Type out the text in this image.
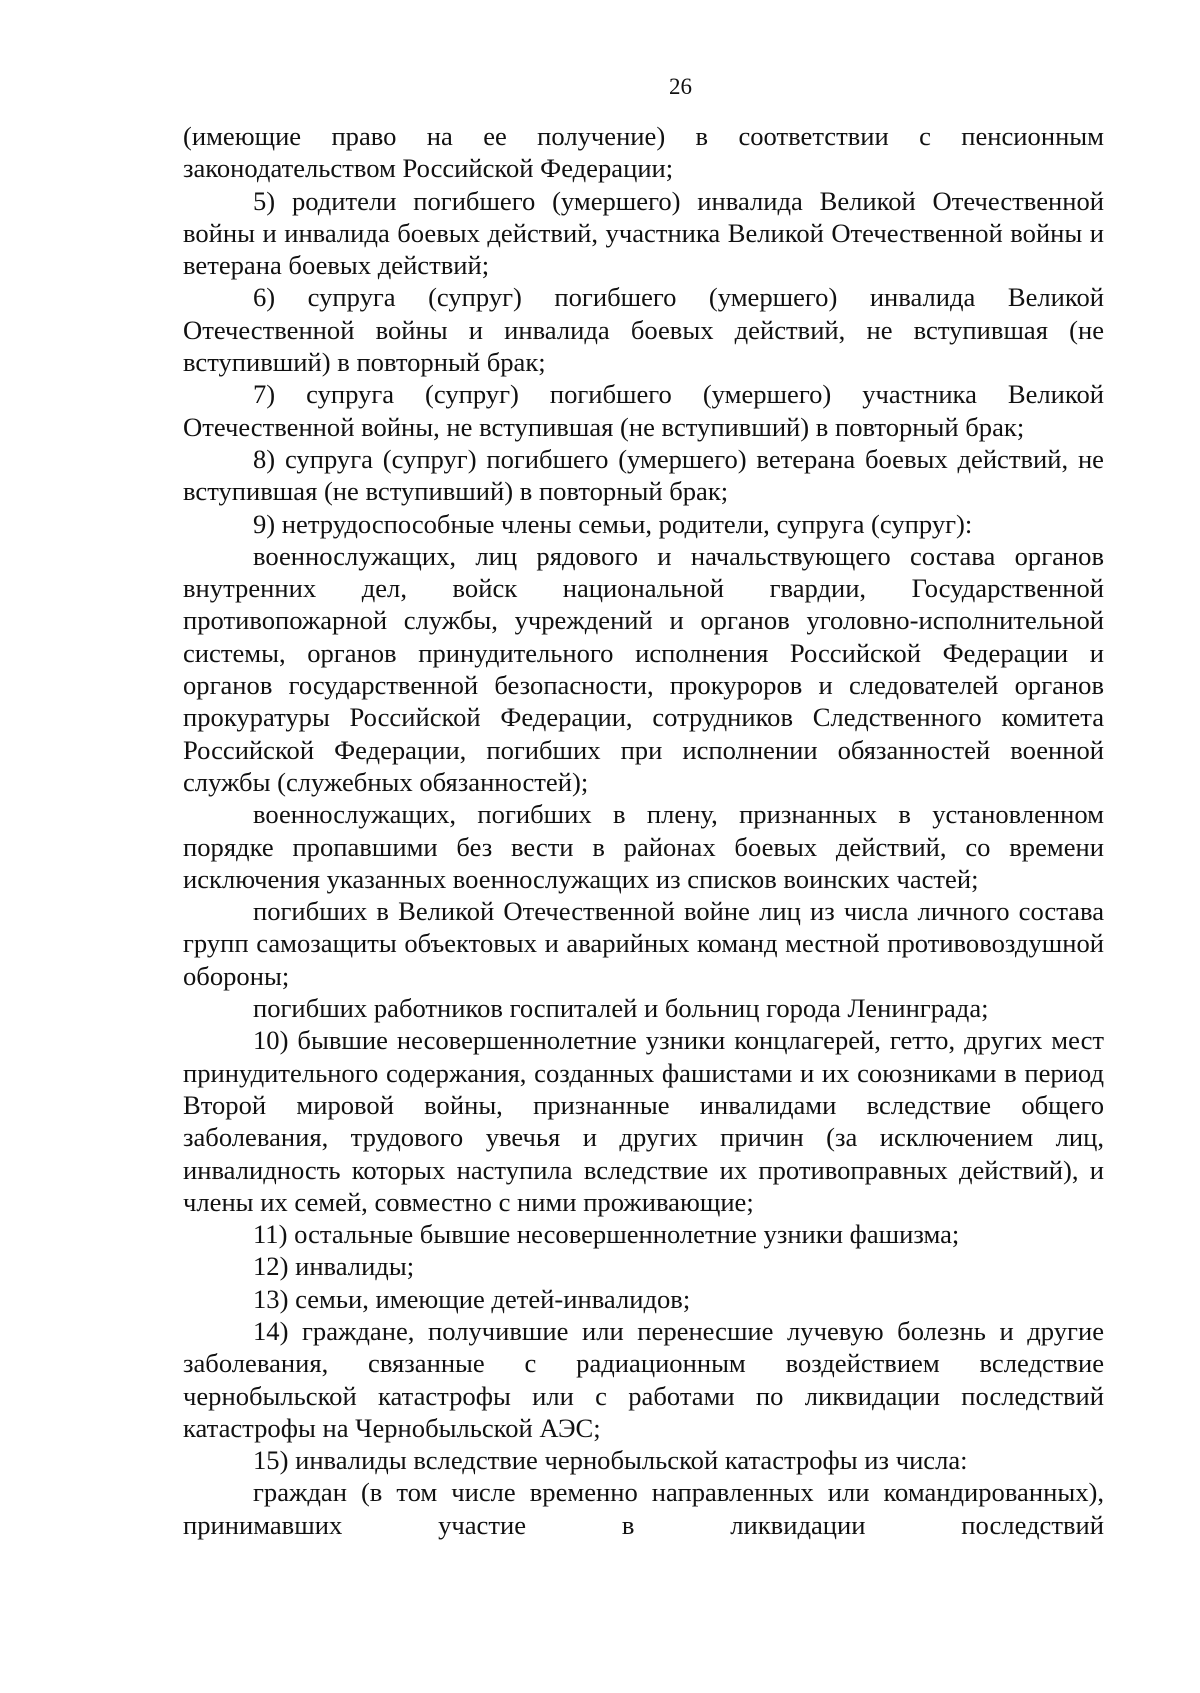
26

(имеющие право на ее получение) в соответствии с пенсионным законодательством Российской Федерации;

5) родители погибшего (умершего) инвалида Великой Отечественной войны и инвалида боевых действий, участника Великой Отечественной войны и ветерана боевых действий;

6) супруга (супруг) погибшего (умершего) инвалида Великой Отечественной войны и инвалида боевых действий, не вступившая (не вступивший) в повторный брак;

7) супруга (супруг) погибшего (умершего) участника Великой Отечественной войны, не вступившая (не вступивший) в повторный брак;

8) супруга (супруг) погибшего (умершего) ветерана боевых действий, не вступившая (не вступивший) в повторный брак;

9) нетрудоспособные члены семьи, родители, супруга (супруг):

военнослужащих, лиц рядового и начальствующего состава органов внутренних дел, войск национальной гвардии, Государственной противопожарной службы, учреждений и органов уголовно-исполнительной системы, органов принудительного исполнения Российской Федерации и органов государственной безопасности, прокуроров и следователей органов прокуратуры Российской Федерации, сотрудников Следственного комитета Российской Федерации, погибших при исполнении обязанностей военной службы (служебных обязанностей);

военнослужащих, погибших в плену, признанных в установленном порядке пропавшими без вести в районах боевых действий, со времени исключения указанных военнослужащих из списков воинских частей;

погибших в Великой Отечественной войне лиц из числа личного состава групп самозащиты объектовых и аварийных команд местной противовоздушной обороны;

погибших работников госпиталей и больниц города Ленинграда;

10) бывшие несовершеннолетние узники концлагерей, гетто, других мест принудительного содержания, созданных фашистами и их союзниками в период Второй мировой войны, признанные инвалидами вследствие общего заболевания, трудового увечья и других причин (за исключением лиц, инвалидность которых наступила вследствие их противоправных действий), и члены их семей, совместно с ними проживающие;

11) остальные бывшие несовершеннолетние узники фашизма;

12) инвалиды;

13) семьи, имеющие детей-инвалидов;

14) граждане, получившие или перенесшие лучевую болезнь и другие заболевания, связанные с радиационным воздействием вследствие чернобыльской катастрофы или с работами по ликвидации последствий катастрофы на Чернобыльской АЭС;

15) инвалиды вследствие чернобыльской катастрофы из числа:

граждан (в том числе временно направленных или командированных), принимавших участие в ликвидации последствий
